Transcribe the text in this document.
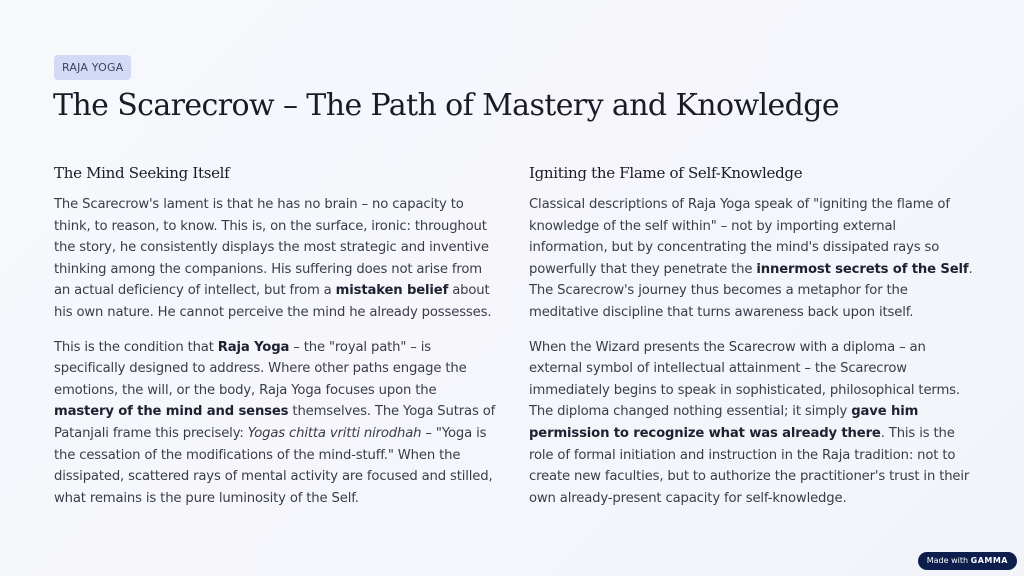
RAJA YOGA
The Scarecrow – The Path of Mastery and Knowledge
The Mind Seeking Itself

The Scarecrow's lament is that he has no brain – no capacity to think, to reason, to know. This is, on the surface, ironic: throughout the story, he consistently displays the most strategic and inventive thinking among the companions. His suffering does not arise from an actual deficiency of intellect, but from a mistaken belief about his own nature. He cannot perceive the mind he already possesses.

This is the condition that Raja Yoga – the "royal path" – is specifically designed to address. Where other paths engage the emotions, the will, or the body, Raja Yoga focuses upon the mastery of the mind and senses themselves. The Yoga Sutras of Patanjali frame this precisely: Yogas chitta vritti nirodhah – "Yoga is the cessation of the modifications of the mind-stuff." When the dissipated, scattered rays of mental activity are focused and stilled, what remains is the pure luminosity of the Self.

Igniting the Flame of Self-Knowledge

Classical descriptions of Raja Yoga speak of "igniting the flame of knowledge of the self within" – not by importing external information, but by concentrating the mind's dissipated rays so powerfully that they penetrate the innermost secrets of the Self. The Scarecrow's journey thus becomes a metaphor for the meditative discipline that turns awareness back upon itself.

When the Wizard presents the Scarecrow with a diploma – an external symbol of intellectual attainment – the Scarecrow immediately begins to speak in sophisticated, philosophical terms. The diploma changed nothing essential; it simply gave him permission to recognize what was already there. This is the role of formal initiation and instruction in the Raja tradition: not to create new faculties, but to authorize the practitioner's trust in their own already-present capacity for self-knowledge.

Made with GAMMA
